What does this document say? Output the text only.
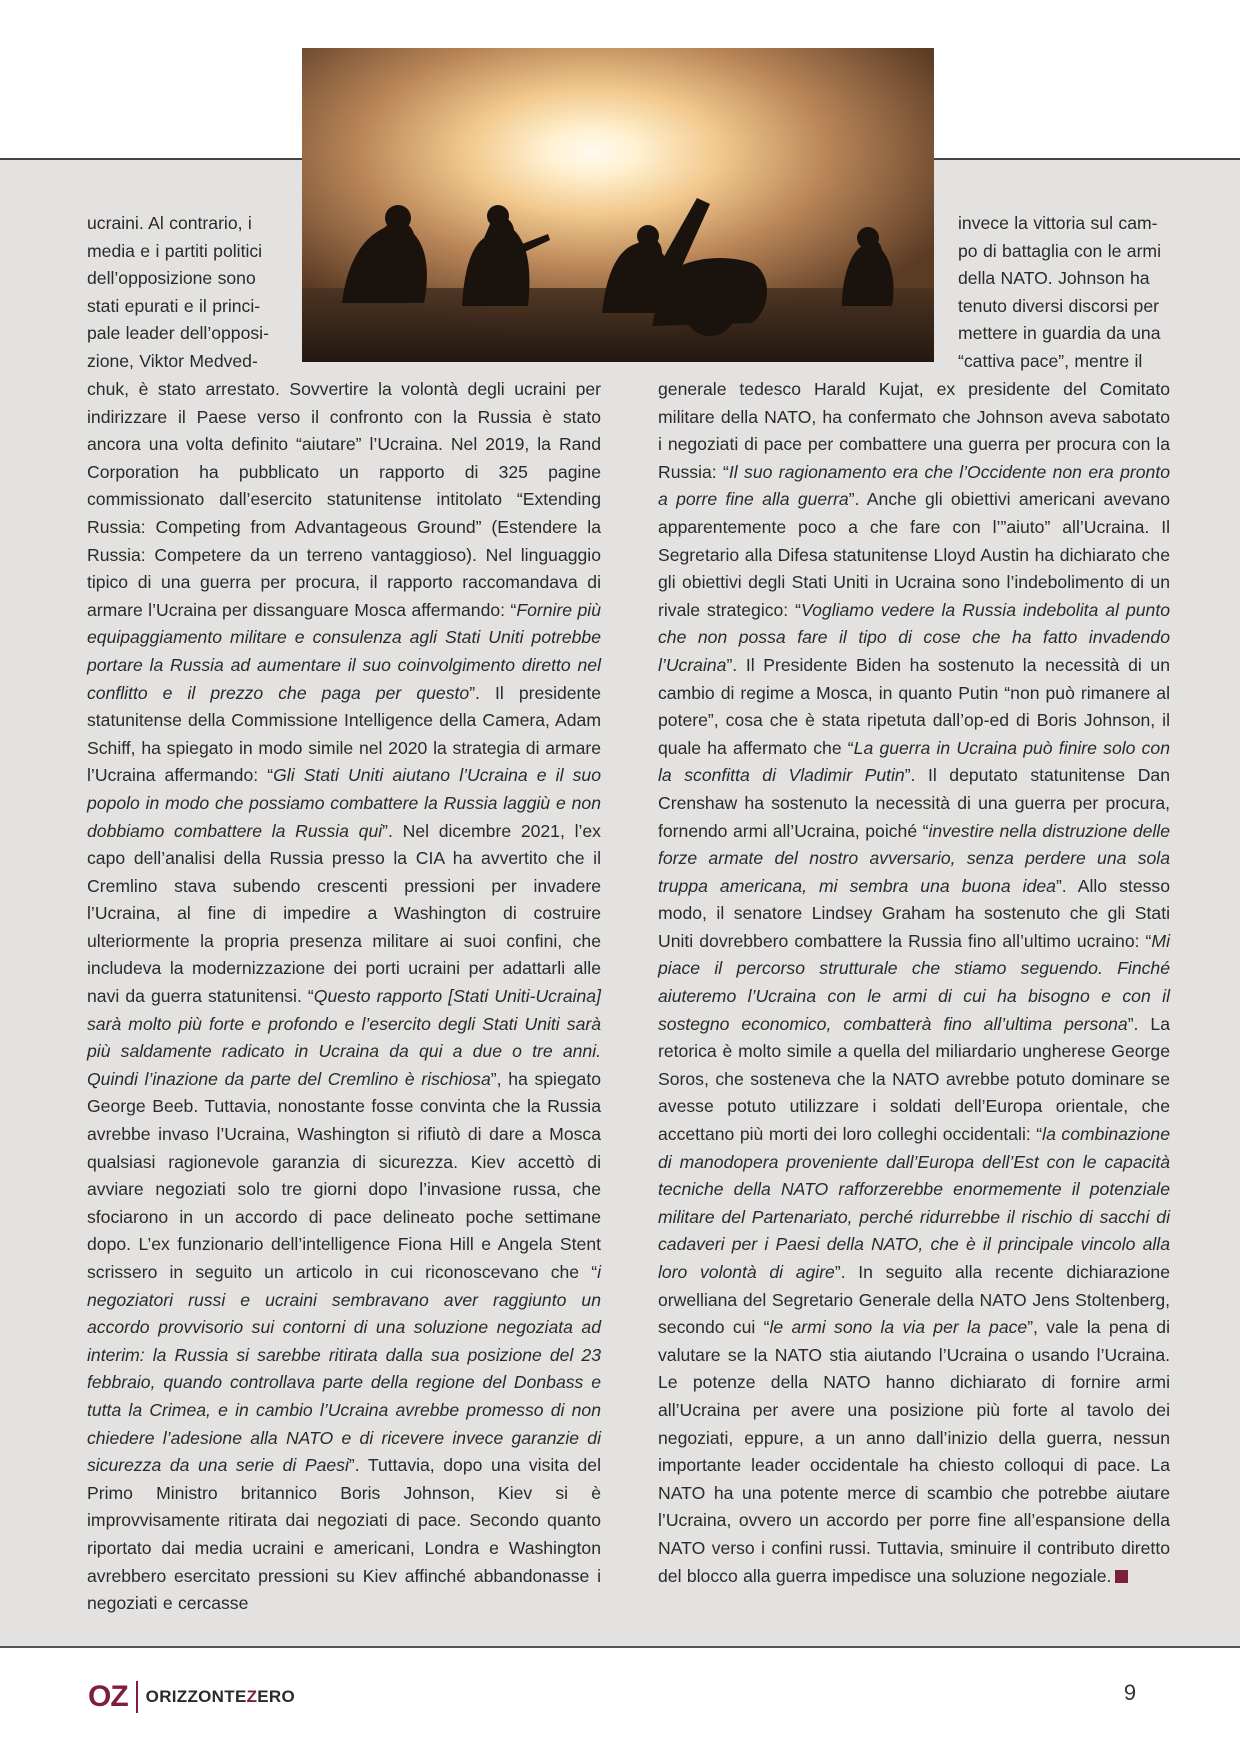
ucraini. Al contrario, i
media e i partiti politici
dell’opposizione sono
stati epurati e il princi-
pale leader dell’opposi-
zione, Viktor Medved-

chuk, è stato arrestato. Sovvertire la volontà degli ucraini per indirizzare il Paese verso il confronto con la Russia è stato ancora una volta definito “aiutare” l’Ucraina. Nel 2019, la Rand Corporation ha pubblicato un rapporto di 325 pagine commissionato dall’esercito statunitense intitolato “Extending Russia: Competing from Advantageous Ground” (Estendere la Russia: Competere da un terreno vantaggioso). Nel linguaggio tipico di una guerra per procura, il rapporto raccomandava di armare l’Ucraina per dissanguare Mosca affermando: “Fornire più equipaggiamento militare e consulenza agli Stati Uniti potrebbe portare la Russia ad aumentare il suo coinvolgimento diretto nel conflitto e il prezzo che paga per questo”. Il presidente statunitense della Commissione Intelligence della Camera, Adam Schiff, ha spiegato in modo simile nel 2020 la strategia di armare l’Ucraina affermando: “Gli Stati Uniti aiutano l’Ucraina e il suo popolo in modo che possiamo combattere la Russia laggiù e non dobbiamo combattere la Russia qui”. Nel dicembre 2021, l’ex capo dell’analisi della Russia presso la CIA ha avvertito che il Cremlino stava subendo crescenti pressioni per invadere l’Ucraina, al fine di impedire a Washington di costruire ulteriormente la propria presenza militare ai suoi confini, che includeva la modernizzazione dei porti ucraini per adattarli alle navi da guerra statunitensi. “Questo rapporto [Stati Uniti-Ucraina] sarà molto più forte e profondo e l’esercito degli Stati Uniti sarà più saldamente radicato in Ucraina da qui a due o tre anni. Quindi l’inazione da parte del Cremlino è rischiosa”, ha spiegato George Beeb. Tuttavia, nonostante fosse convinta che la Russia avrebbe invaso l’Ucraina, Washington si rifiutò di dare a Mosca qualsiasi ragionevole garanzia di sicurezza. Kiev accettò di avviare negoziati solo tre giorni dopo l’invasione russa, che sfociarono in un accordo di pace delineato poche settimane dopo. L’ex funzionario dell’intelligence Fiona Hill e Angela Stent scrissero in seguito un articolo in cui riconoscevano che “i negoziatori russi e ucraini sembravano aver raggiunto un accordo provvisorio sui contorni di una soluzione negoziata ad interim: la Russia si sarebbe ritirata dalla sua posizione del 23 febbraio, quando controllava parte della regione del Donbass e tutta la Crimea, e in cambio l’Ucraina avrebbe promesso di non chiedere l’adesione alla NATO e di ricevere invece garanzie di sicurezza da una serie di Paesi”. Tuttavia, dopo una visita del Primo Ministro britannico Boris Johnson, Kiev si è improvvisamente ritirata dai negoziati di pace. Secondo quanto riportato dai media ucraini e americani, Londra e Washington avrebbero esercitato pressioni su Kiev affinché abbandonasse i negoziati e cercasse

invece la vittoria sul cam-
po di battaglia con le armi
della NATO. Johnson ha
tenuto diversi discorsi per
mettere in guardia da una
“cattiva pace”, mentre il

generale tedesco Harald Kujat, ex presidente del Comitato militare della NATO, ha confermato che Johnson aveva sabotato i negoziati di pace per combattere una guerra per procura con la Russia: “Il suo ragionamento era che l’Occidente non era pronto a porre fine alla guerra”. Anche gli obiettivi americani avevano apparentemente poco a che fare con l’”aiuto” all’Ucraina. Il Segretario alla Difesa statunitense Lloyd Austin ha dichiarato che gli obiettivi degli Stati Uniti in Ucraina sono l’indebolimento di un rivale strategico: “Vogliamo vedere la Russia indebolita al punto che non possa fare il tipo di cose che ha fatto invadendo l’Ucraina”. Il Presidente Biden ha sostenuto la necessità di un cambio di regime a Mosca, in quanto Putin “non può rimanere al potere”, cosa che è stata ripetuta dall’op-ed di Boris Johnson, il quale ha affermato che “La guerra in Ucraina può finire solo con la sconfitta di Vladimir Putin”. Il deputato statunitense Dan Crenshaw ha sostenuto la necessità di una guerra per procura, fornendo armi all’Ucraina, poiché “investire nella distruzione delle forze armate del nostro avversario, senza perdere una sola truppa americana, mi sembra una buona idea”. Allo stesso modo, il senatore Lindsey Graham ha sostenuto che gli Stati Uniti dovrebbero combattere la Russia fino all’ultimo ucraino: “Mi piace il percorso strutturale che stiamo seguendo. Finché aiuteremo l’Ucraina con le armi di cui ha bisogno e con il sostegno economico, combatterà fino all’ultima persona”. La retorica è molto simile a quella del miliardario ungherese George Soros, che sosteneva che la NATO avrebbe potuto dominare se avesse potuto utilizzare i soldati dell’Europa orientale, che accettano più morti dei loro colleghi occidentali: “la combinazione di manodopera proveniente dall’Europa dell’Est con le capacità tecniche della NATO rafforzerebbe enormemente il potenziale militare del Partenariato, perché ridurrebbe il rischio di sacchi di cadaveri per i Paesi della NATO, che è il principale vincolo alla loro volontà di agire”. In seguito alla recente dichiarazione orwelliana del Segretario Generale della NATO Jens Stoltenberg, secondo cui “le armi sono la via per la pace”, vale la pena di valutare se la NATO stia aiutando l’Ucraina o usando l’Ucraina. Le potenze della NATO hanno dichiarato di fornire armi all’Ucraina per avere una posizione più forte al tavolo dei negoziati, eppure, a un anno dall’inizio della guerra, nessun importante leader occidentale ha chiesto colloqui di pace. La NATO ha una potente merce di scambio che potrebbe aiutare l’Ucraina, ovvero un accordo per porre fine all’espansione della NATO verso i confini russi. Tuttavia, sminuire il contributo diretto del blocco alla guerra impedisce una soluzione negoziale.

OZ ORIZZONTEZERO	9
